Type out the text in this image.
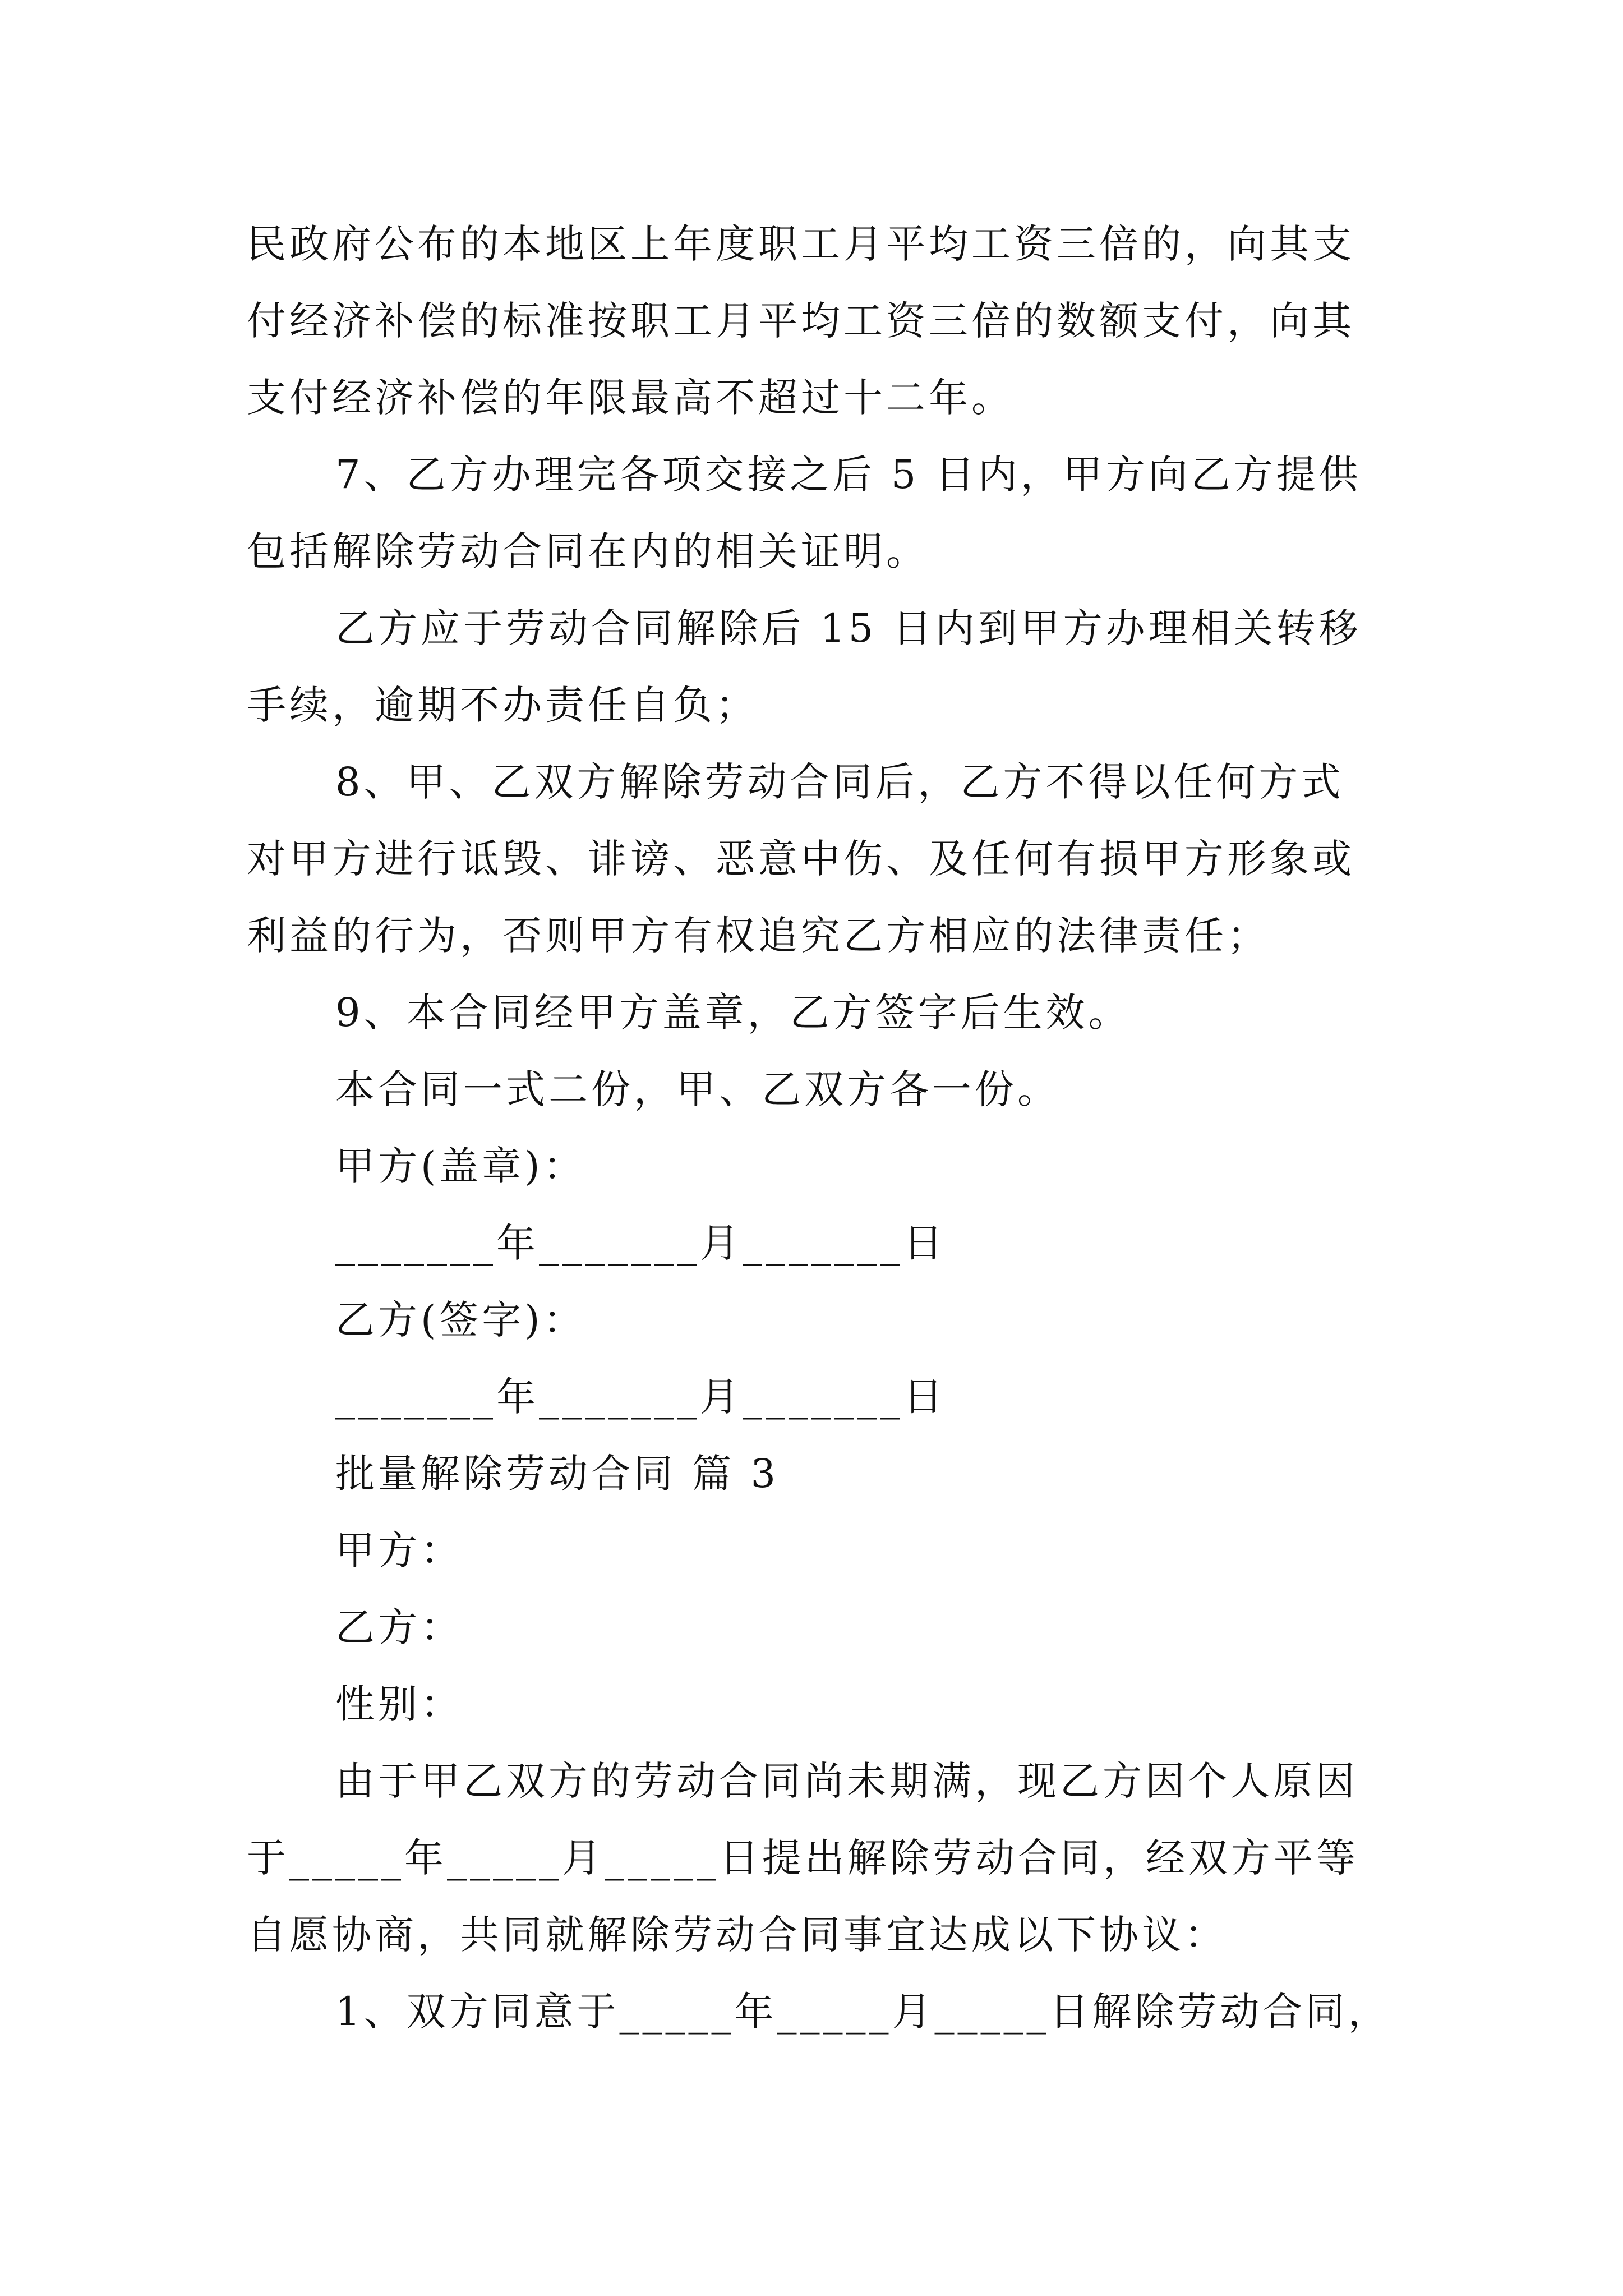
民政府公布的本地区上年度职工月平均工资三倍的，向其支
付经济补偿的标准按职工月平均工资三倍的数额支付，向其
支付经济补偿的年限最高不超过十二年。
7、乙方办理完各项交接之后 5 日内，甲方向乙方提供
包括解除劳动合同在内的相关证明。
乙方应于劳动合同解除后 15 日内到甲方办理相关转移
手续，逾期不办责任自负；
8、甲、乙双方解除劳动合同后，乙方不得以任何方式
对甲方进行诋毁、诽谤、恶意中伤、及任何有损甲方形象或
利益的行为，否则甲方有权追究乙方相应的法律责任；
9、本合同经甲方盖章，乙方签字后生效。
本合同一式二份，甲、乙双方各一份。
甲方(盖章)：
_______年_______月_______日
乙方(签字)：
_______年_______月_______日
批量解除劳动合同 篇 3
甲方：
乙方：
性别：
由于甲乙双方的劳动合同尚未期满，现乙方因个人原因
于_____年_____月_____日提出解除劳动合同，经双方平等
自愿协商，共同就解除劳动合同事宜达成以下协议：
1、双方同意于_____年_____月_____日解除劳动合同，
